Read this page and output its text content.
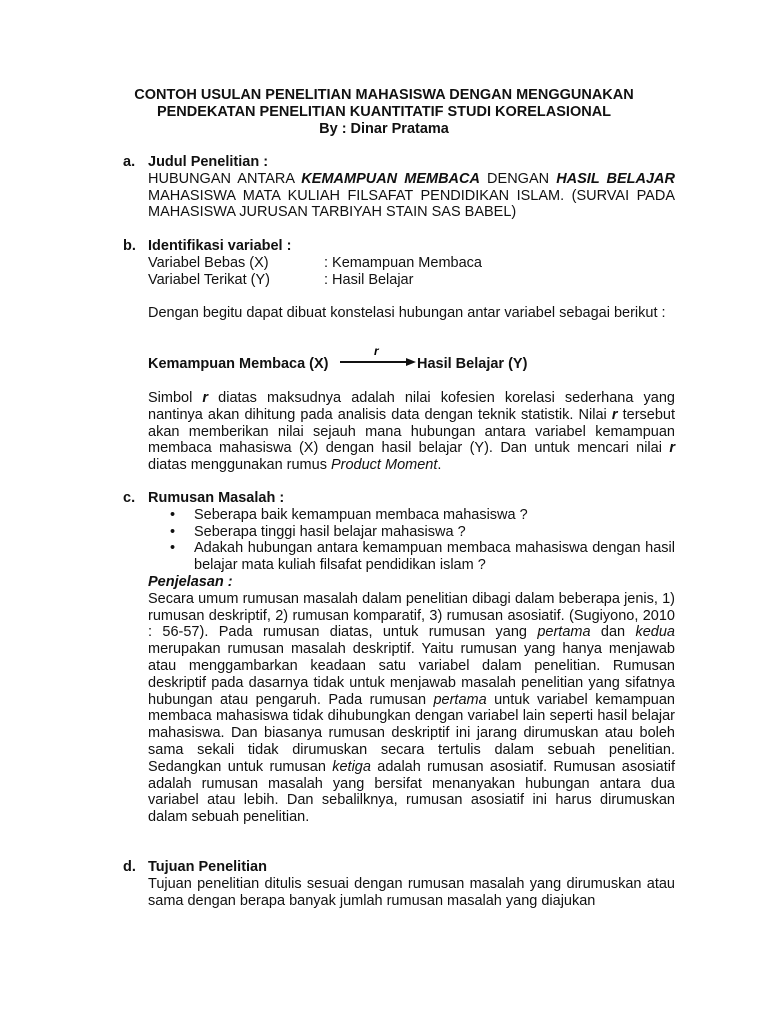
CONTOH USULAN PENELITIAN MAHASISWA DENGAN MENGGUNAKAN
PENDEKATAN PENELITIAN KUANTITATIF STUDI KORELASIONAL
By : Dinar Pratama
a. Judul Penelitian :
HUBUNGAN ANTARA KEMAMPUAN MEMBACA DENGAN HASIL BELAJAR MAHASISWA MATA KULIAH FILSAFAT PENDIDIKAN ISLAM. (SURVAI PADA MAHASISWA JURUSAN TARBIYAH STAIN SAS BABEL)
b. Identifikasi variabel :
Variabel Bebas (X)	: Kemampuan Membaca
Variabel Terikat (Y)	: Hasil Belajar
Dengan begitu dapat dibuat konstelasi hubungan antar variabel sebagai berikut :
Kemampuan Membaca (X)
r
Hasil Belajar (Y)
Simbol r diatas maksudnya adalah nilai kofesien korelasi sederhana yang nantinya akan dihitung pada analisis data dengan teknik statistik. Nilai r tersebut akan memberikan nilai sejauh mana hubungan antara variabel kemampuan membaca mahasiswa (X) dengan hasil belajar (Y). Dan untuk mencari nilai r diatas menggunakan rumus Product Moment.
c. Rumusan Masalah :
• Seberapa baik kemampuan membaca mahasiswa ?
• Seberapa tinggi hasil belajar mahasiswa ?
• Adakah hubungan antara kemampuan membaca mahasiswa dengan hasil belajar mata kuliah filsafat pendidikan islam ?
Penjelasan :
Secara umum rumusan masalah dalam penelitian dibagi dalam beberapa jenis, 1) rumusan deskriptif, 2) rumusan komparatif, 3) rumusan asosiatif. (Sugiyono, 2010 : 56-57). Pada rumusan diatas, untuk rumusan yang pertama dan kedua merupakan rumusan masalah deskriptif. Yaitu rumusan yang hanya menjawab atau menggambarkan keadaan satu variabel dalam penelitian. Rumusan deskriptif pada dasarnya tidak untuk menjawab masalah penelitian yang sifatnya hubungan atau pengaruh. Pada rumusan pertama untuk variabel kemampuan membaca mahasiswa tidak dihubungkan dengan variabel lain seperti hasil belajar mahasiswa. Dan biasanya rumusan deskriptif ini jarang dirumuskan atau boleh sama sekali tidak dirumuskan secara tertulis dalam sebuah penelitian. Sedangkan untuk rumusan ketiga adalah rumusan asosiatif. Rumusan asosiatif adalah rumusan masalah yang bersifat menanyakan hubungan antara dua variabel atau lebih. Dan sebalilknya, rumusan asosiatif ini harus dirumuskan dalam sebuah penelitian.
d. Tujuan Penelitian
Tujuan penelitian ditulis sesuai dengan rumusan masalah yang dirumuskan atau sama dengan berapa banyak jumlah rumusan masalah yang diajukan
